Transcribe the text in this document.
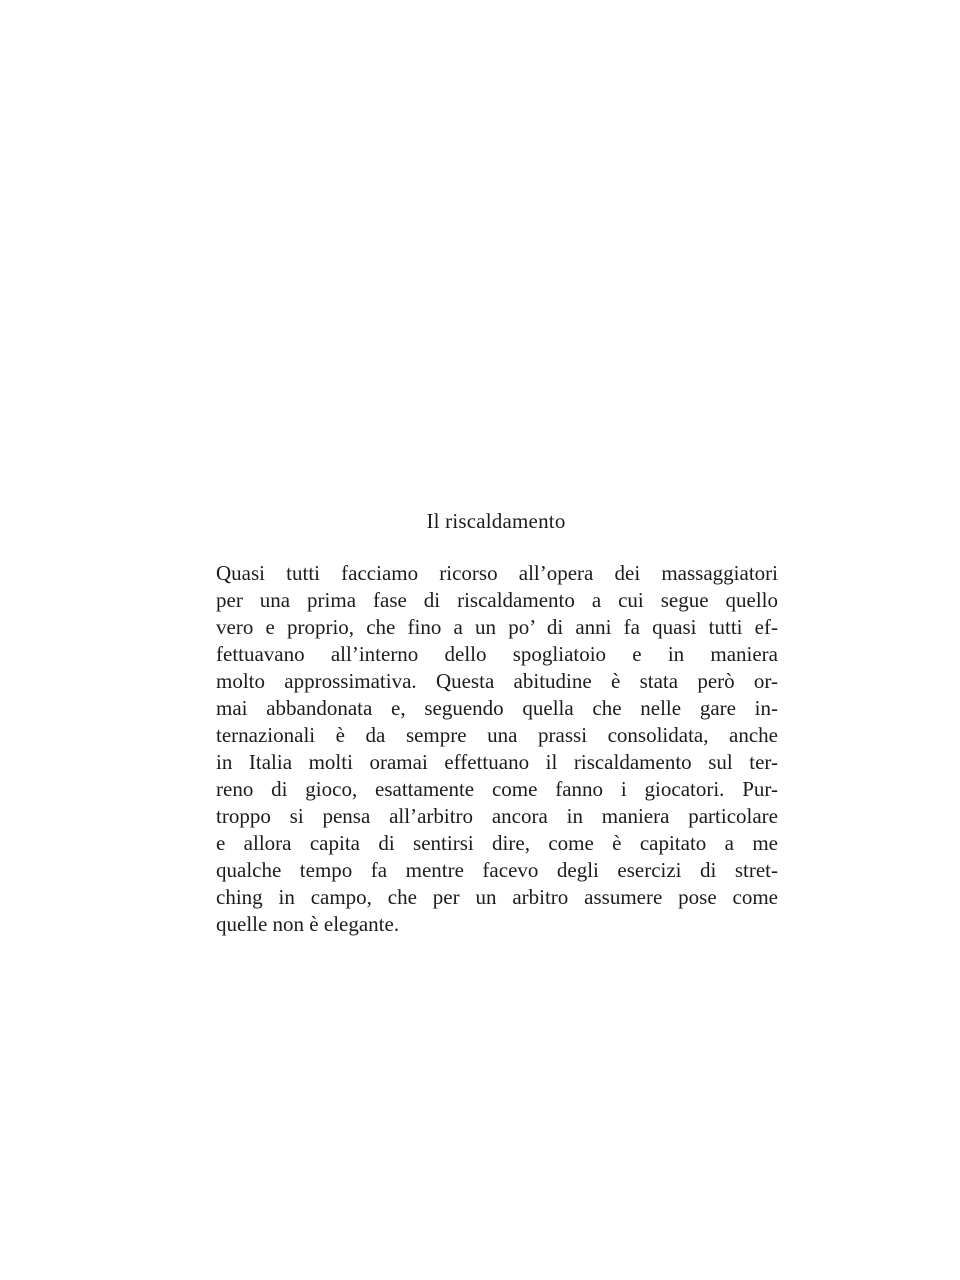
Il riscaldamento
Quasi tutti facciamo ricorso all’opera dei massaggiatori
per una prima fase di riscaldamento a cui segue quello
vero e proprio, che fino a un po’ di anni fa quasi tutti ef-
fettuavano all’interno dello spogliatoio e in maniera
molto approssimativa. Questa abitudine è stata però or-
mai abbandonata e, seguendo quella che nelle gare in-
ternazionali è da sempre una prassi consolidata, anche
in Italia molti oramai effettuano il riscaldamento sul ter-
reno di gioco, esattamente come fanno i giocatori. Pur-
troppo si pensa all’arbitro ancora in maniera particolare
e allora capita di sentirsi dire, come è capitato a me
qualche tempo fa mentre facevo degli esercizi di stret-
ching in campo, che per un arbitro assumere pose come
quelle non è elegante.
